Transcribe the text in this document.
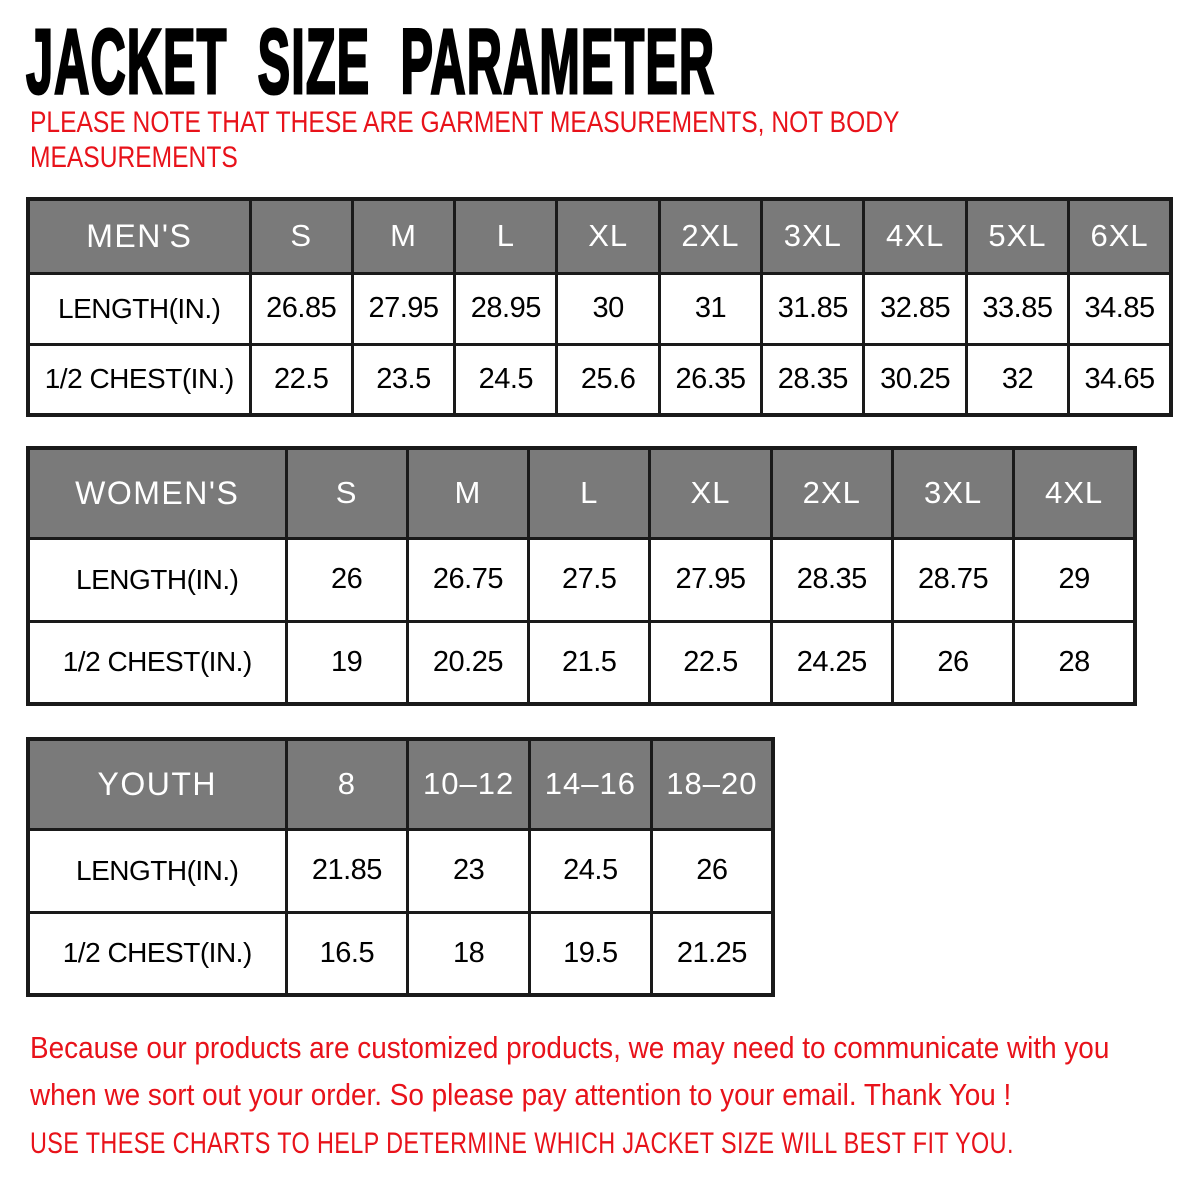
JACKET SIZE PARAMETER
PLEASE NOTE THAT THESE ARE GARMENT MEASUREMENTS, NOT BODY
MEASUREMENTS
MEN'S	S	M	L	XL	2XL	3XL	4XL	5XL	6XL
LENGTH(IN.)	26.85	27.95	28.95	30	31	31.85	32.85	33.85	34.85
1/2 CHEST(IN.)	22.5	23.5	24.5	25.6	26.35	28.35	30.25	32	34.65
WOMEN'S	S	M	L	XL	2XL	3XL	4XL
LENGTH(IN.)	26	26.75	27.5	27.95	28.35	28.75	29
1/2 CHEST(IN.)	19	20.25	21.5	22.5	24.25	26	28
YOUTH	8	10–12	14–16	18–20
LENGTH(IN.)	21.85	23	24.5	26
1/2 CHEST(IN.)	16.5	18	19.5	21.25
Because our products are customized products, we may need to communicate with you
when we sort out your order. So please pay attention to your email. Thank You !
USE THESE CHARTS TO HELP DETERMINE WHICH JACKET SIZE WILL BEST FIT YOU.
